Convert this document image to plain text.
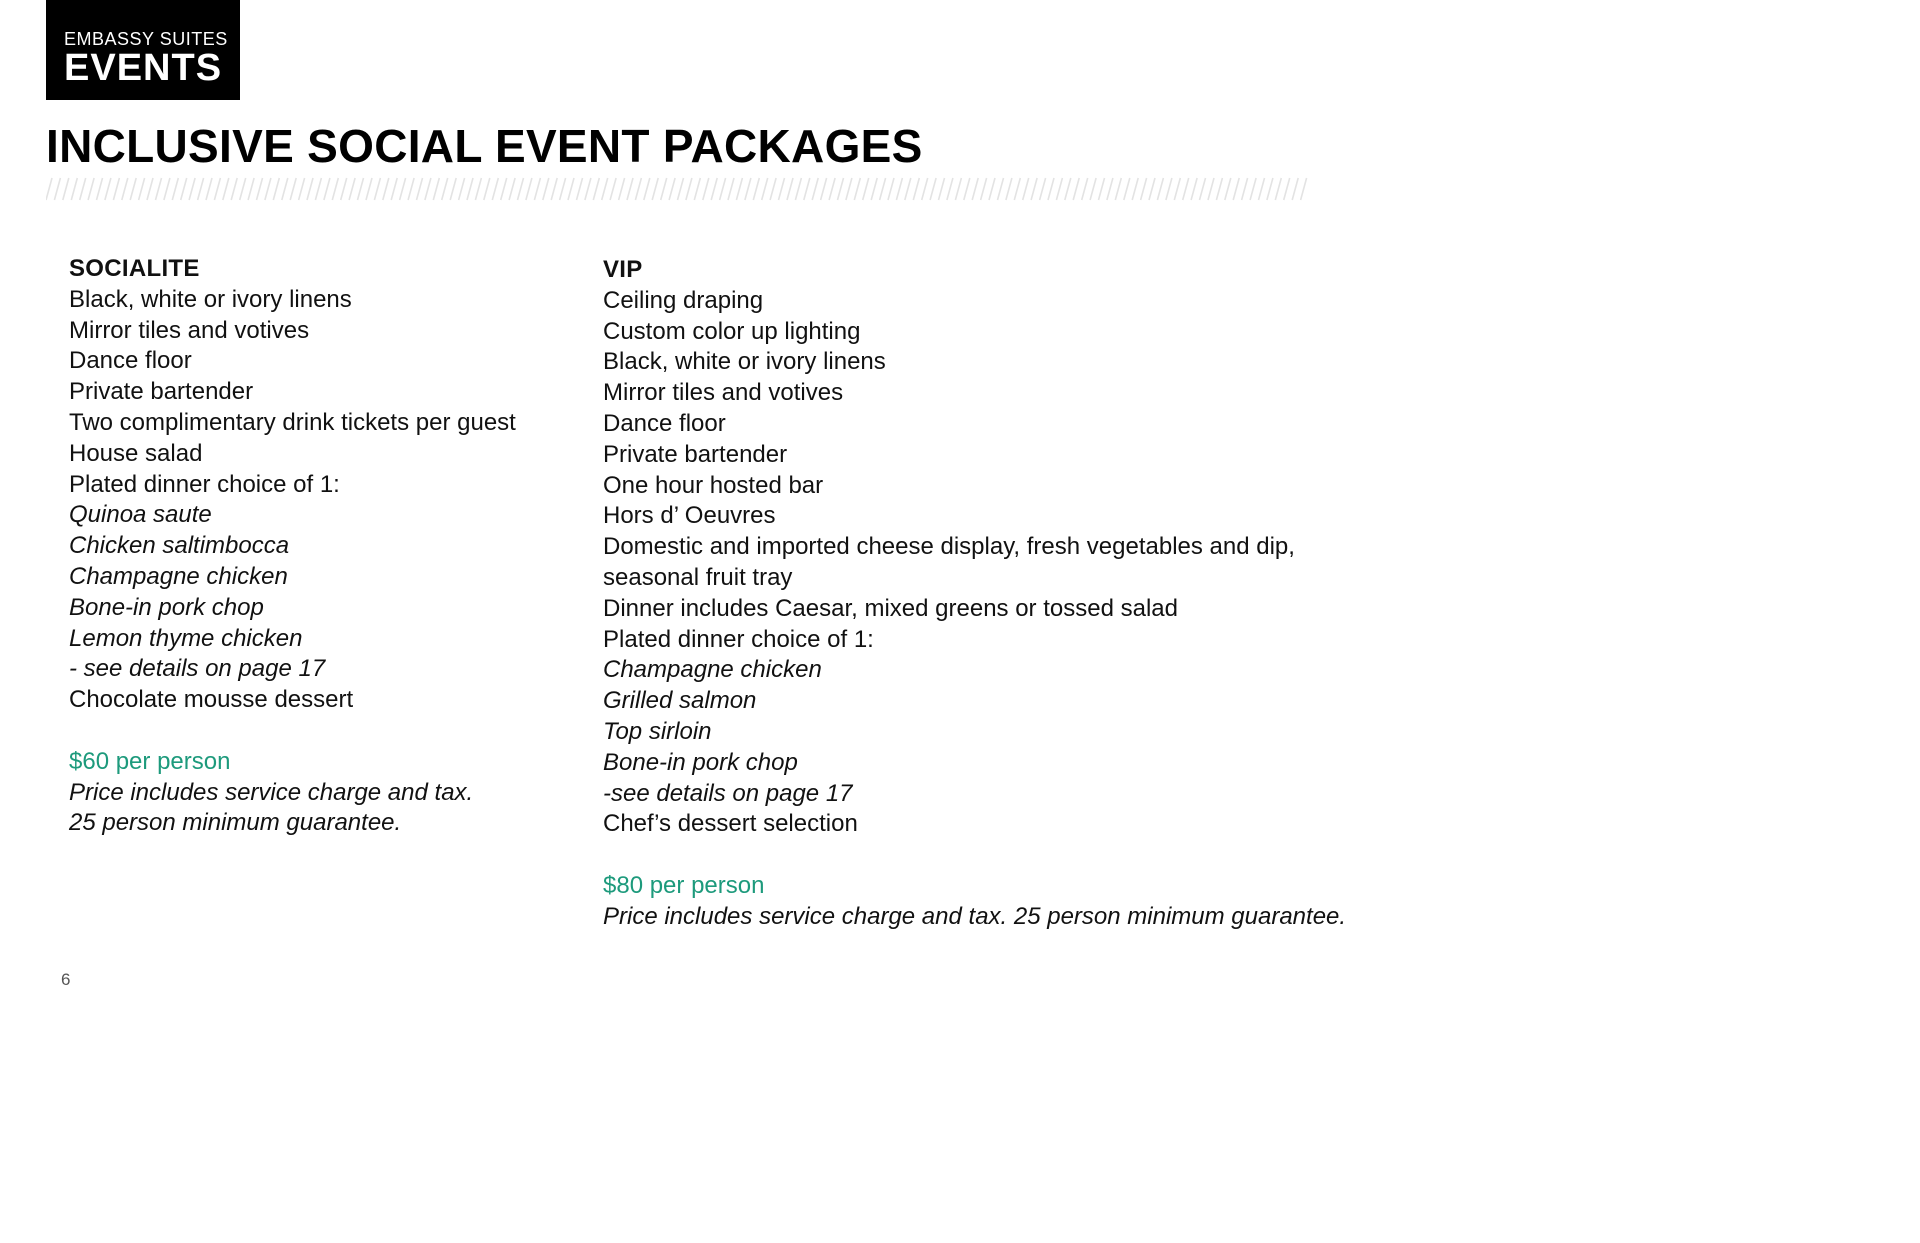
EMBASSY SUITES
EVENTS
INCLUSIVE SOCIAL EVENT PACKAGES
SOCIALITE
Black, white or ivory linens
Mirror tiles and votives
Dance floor
Private bartender
Two complimentary drink tickets per guest
House salad
Plated dinner choice of 1:
Quinoa saute
Chicken saltimbocca
Champagne chicken
Bone-in pork chop
Lemon thyme chicken
- see details on page 17
Chocolate mousse dessert
$60 per person
Price includes service charge and tax.
25 person minimum guarantee.
VIP
Ceiling draping
Custom color up lighting
Black, white or ivory linens
Mirror tiles and votives
Dance floor
Private bartender
One hour hosted bar
Hors d’ Oeuvres
Domestic and imported cheese display, fresh vegetables and dip, seasonal fruit tray
Dinner includes Caesar, mixed greens or tossed salad
Plated dinner choice of 1:
Champagne chicken
Grilled salmon
Top sirloin
Bone-in pork chop
-see details on page 17
Chef’s dessert selection
$80 per person
Price includes service charge and tax. 25 person minimum guarantee.
6
